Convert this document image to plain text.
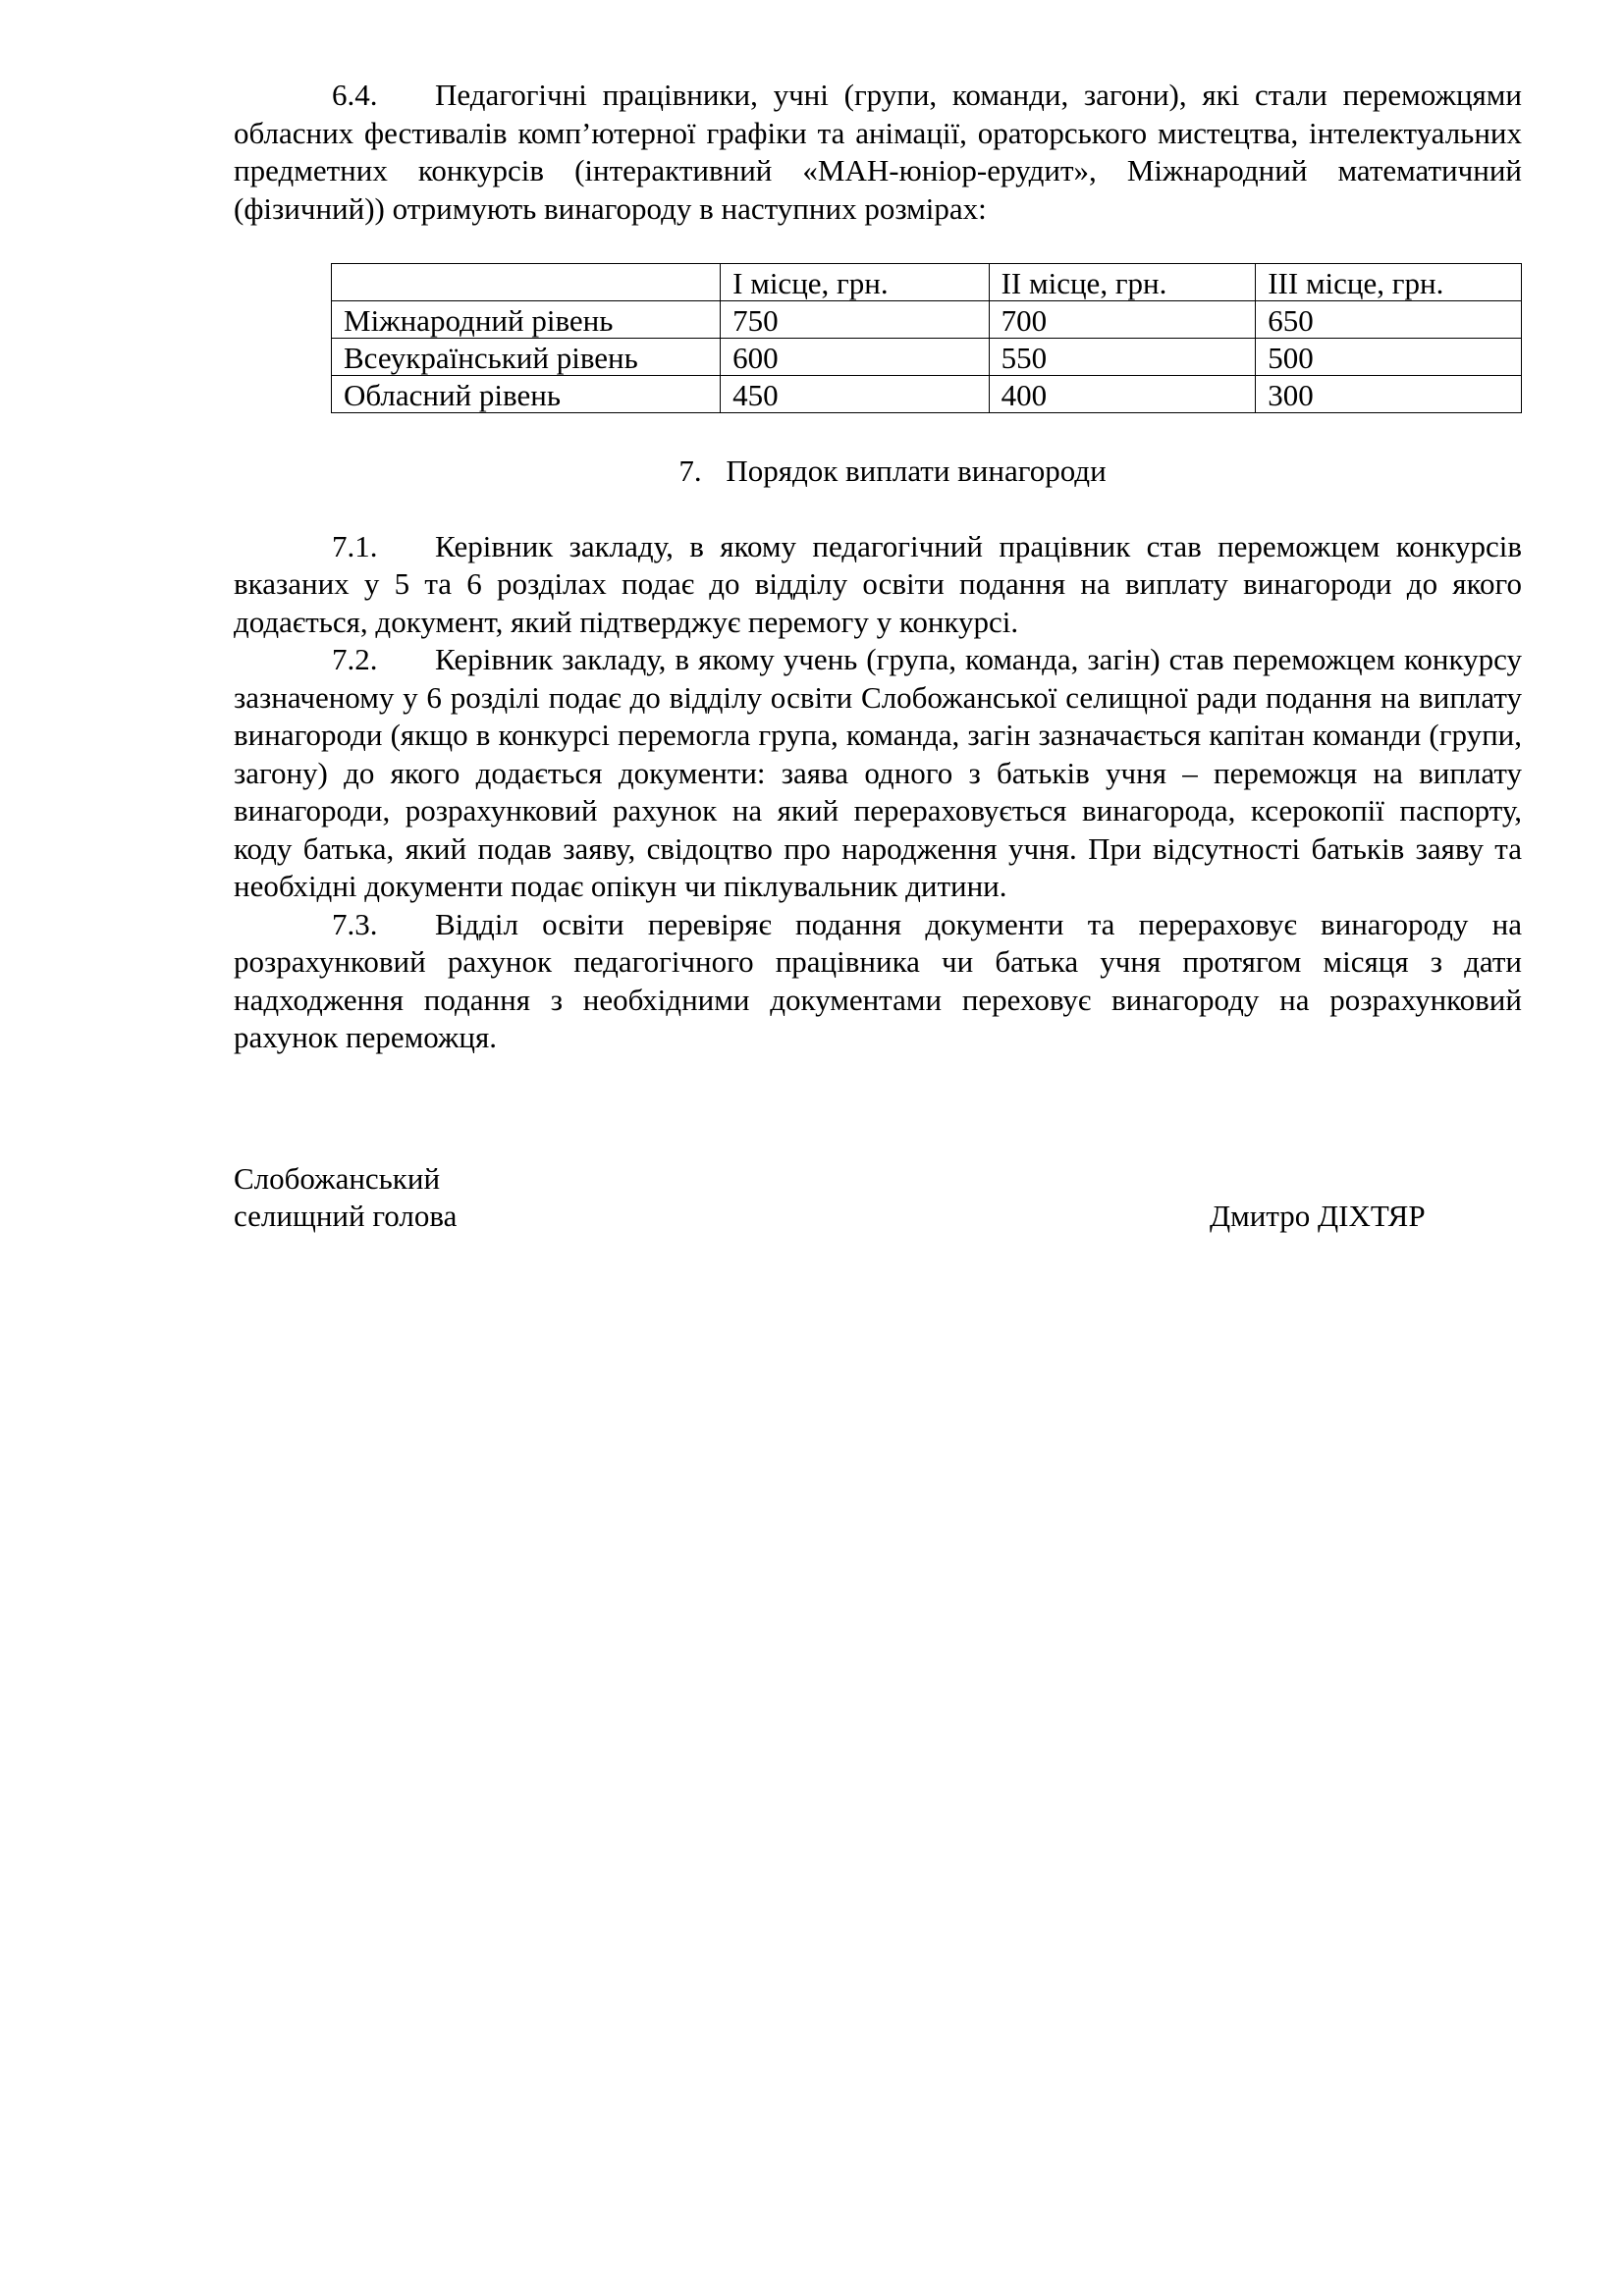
6.4. Педагогічні працівники, учні (групи, команди, загони), які стали переможцями обласних фестивалів комп’ютерної графіки та анімації, ораторського мистецтва, інтелектуальних предметних конкурсів (інтерактивний «МАН-юніор-ерудит», Міжнародний математичний (фізичний)) отримують винагороду в наступних розмірах:

	І місце, грн.	ІІ місце, грн.	ІІІ місце, грн.
Міжнародний рівень	750	700	650
Всеукраїнський рівень	600	550	500
Обласний рівень	450	400	300

7. Порядок виплати винагороди

7.1. Керівник закладу, в якому педагогічний працівник став переможцем конкурсів вказаних у 5 та 6 розділах подає до відділу освіти подання на виплату винагороди до якого додається, документ, який підтверджує перемогу у конкурсі.

7.2. Керівник закладу, в якому учень (група, команда, загін) став переможцем конкурсу зазначеному у 6 розділі подає до відділу освіти Слобожанської селищної ради подання на виплату винагороди (якщо в конкурсі перемогла група, команда, загін зазначається капітан команди (групи, загону) до якого додається документи: заява одного з батьків учня – переможця на виплату винагороди, розрахунковий рахунок на який перераховується винагорода, ксерокопії паспорту, коду батька, який подав заяву, свідоцтво про народження учня. При відсутності батьків заяву та необхідні документи подає опікун чи піклувальник дитини.

7.3. Відділ освіти перевіряє подання документи та перераховує винагороду на розрахунковий рахунок педагогічного працівника чи батька учня протягом місяця з дати надходження подання з необхідними документами переховує винагороду на розрахунковий рахунок переможця.

Слобожанський
селищний голова	Дмитро ДІХТЯР
